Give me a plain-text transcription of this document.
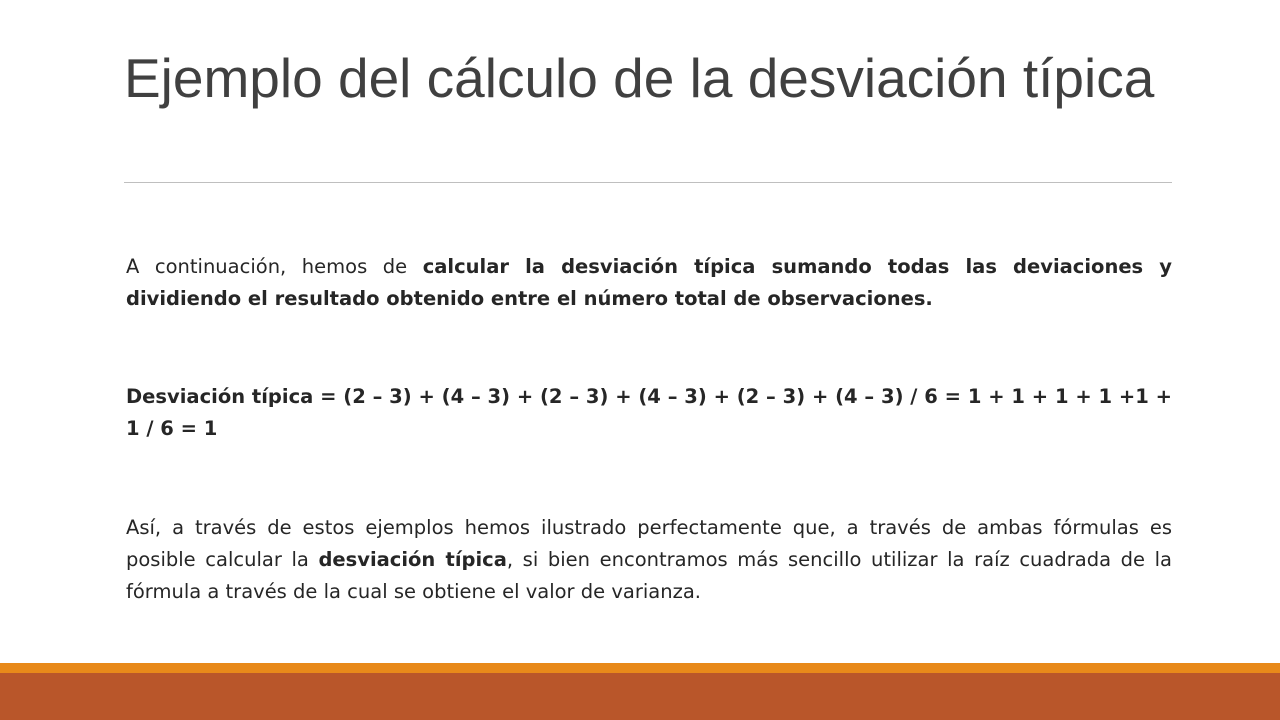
Ejemplo del cálculo de la desviación típica

A continuación, hemos de calcular la desviación típica sumando todas las deviaciones y dividiendo el resultado obtenido entre el número total de observaciones.

Desviación típica = (2 – 3) + (4 – 3) + (2 – 3) + (4 – 3) + (2 – 3) + (4 – 3) / 6 = 1 + 1 + 1 + 1 +1 + 1 / 6 = 1

Así, a través de estos ejemplos hemos ilustrado perfectamente que, a través de ambas fórmulas es posible calcular la desviación típica, si bien encontramos más sencillo utilizar la raíz cuadrada de la fórmula a través de la cual se obtiene el valor de varianza.
